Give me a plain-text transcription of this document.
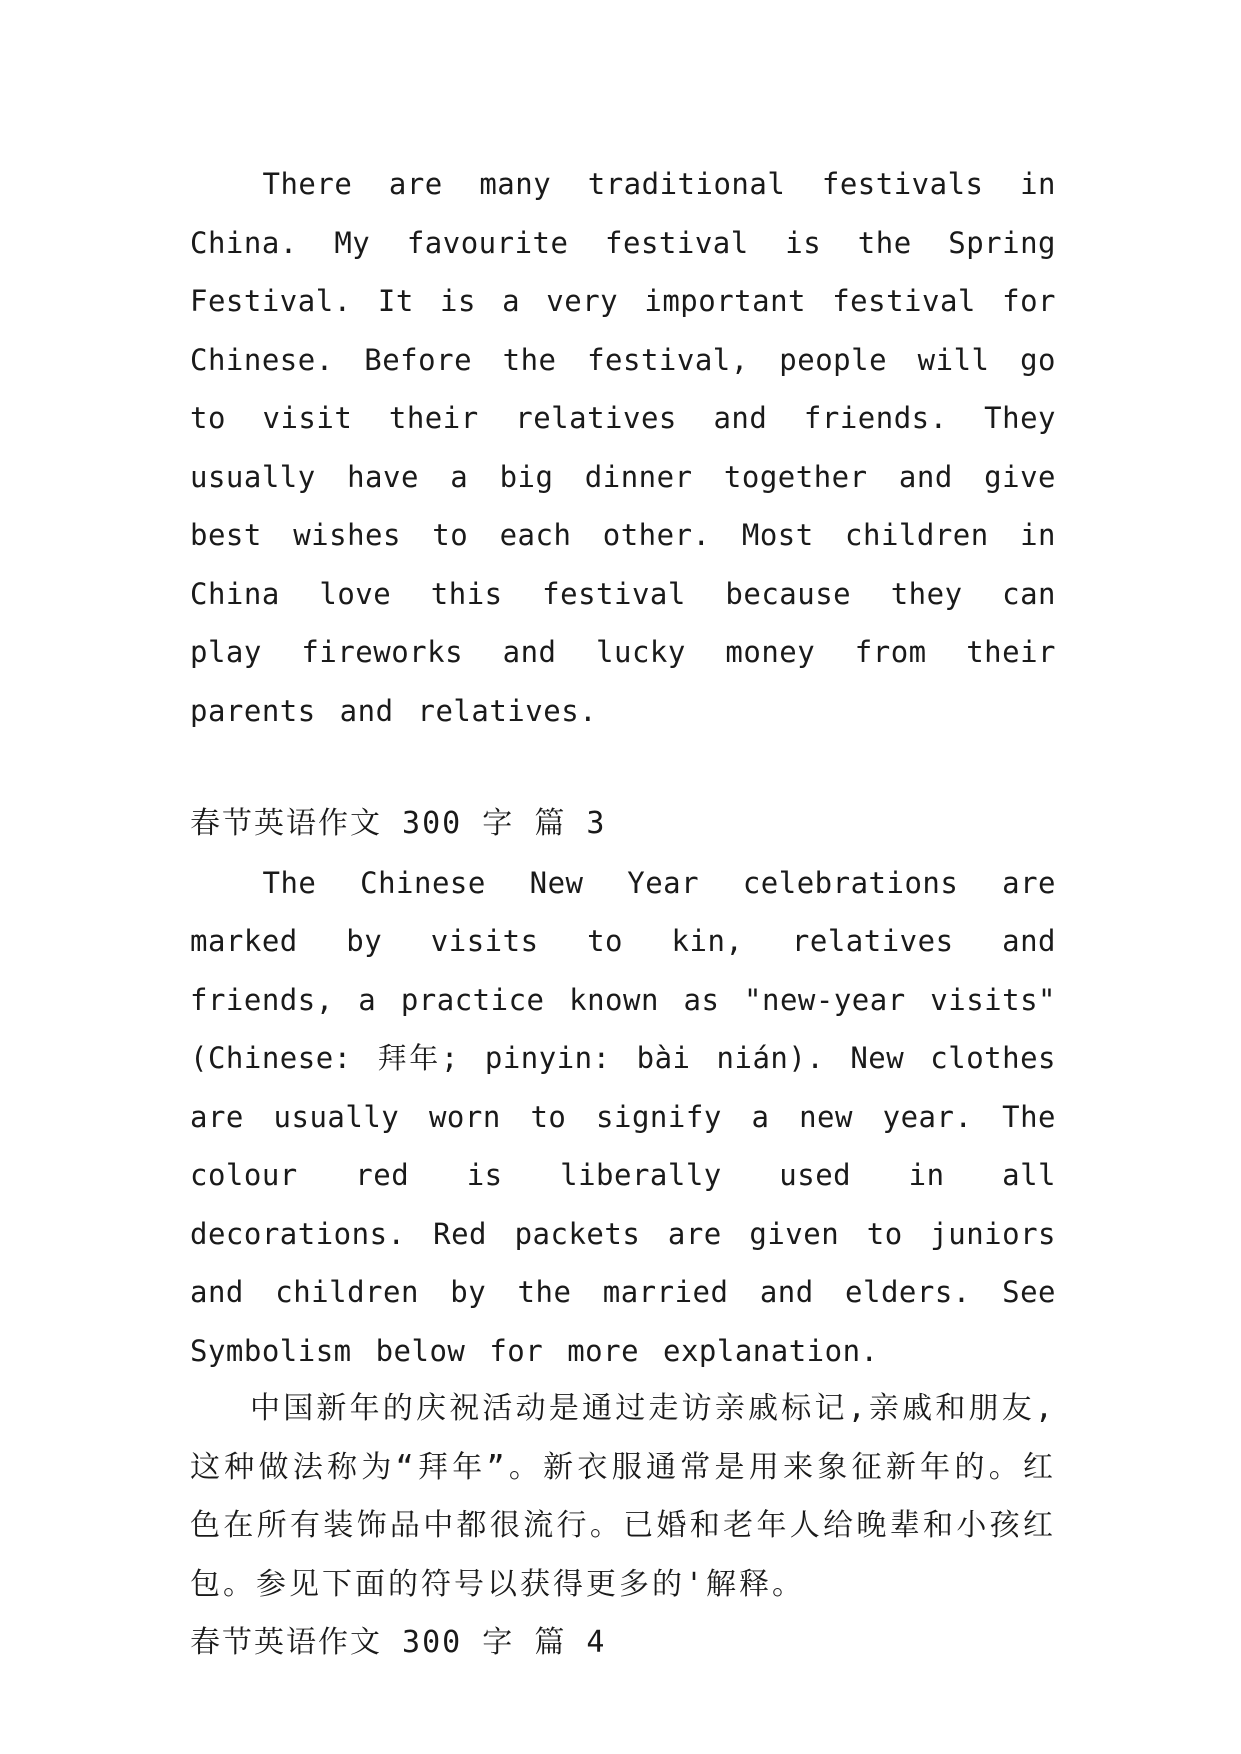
There are many traditional festivals in China. My favourite festival is the Spring Festival. It is a very important festival for Chinese. Before the festival, people will go to visit their relatives and friends. They usually have a big dinner together and give best wishes to each other. Most children in China love this festival because they can play fireworks and lucky money from their parents and relatives.

春节英语作文 300 字 篇 3

The Chinese New Year celebrations are marked by visits to kin, relatives and friends, a practice known as "new-year visits" (Chinese: 拜年; pinyin: bài nián). New clothes are usually worn to signify a new year. The colour red is liberally used in all decorations. Red packets are given to juniors and children by the married and elders. See Symbolism below for more explanation.

中国新年的庆祝活动是通过走访亲戚标记,亲戚和朋友,这种做法称为“拜年”。新衣服通常是用来象征新年的。红色在所有装饰品中都很流行。已婚和老年人给晚辈和小孩红包。参见下面的符号以获得更多的'解释。

春节英语作文 300 字 篇 4
